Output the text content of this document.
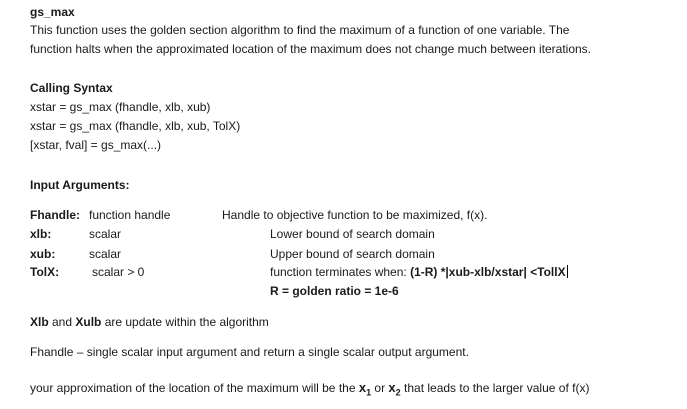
gs_max
This function uses the golden section algorithm to find the maximum of a function of one variable. The
function halts when the approximated location of the maximum does not change much between iterations.
Calling Syntax
xstar = gs_max (fhandle, xlb, xub)
xstar = gs_max (fhandle, xlb, xub, TolX)
[xstar, fval] = gs_max(...)
Input Arguments:
Fhandle: function handle	Handle to objective function to be maximized, f(x).
xlb:	scalar	Lower bound of search domain
xub:	scalar	Upper bound of search domain
TolX:	scalar > 0	function terminates when: (1-R) *|xub-xlb/xstar| <TollX
R = golden ratio = 1e-6
Xlb and Xulb are update within the algorithm
Fhandle – single scalar input argument and return a single scalar output argument.
your approximation of the location of the maximum will be the $x_1$ or $x_2$ that leads to the larger value of f(x)
